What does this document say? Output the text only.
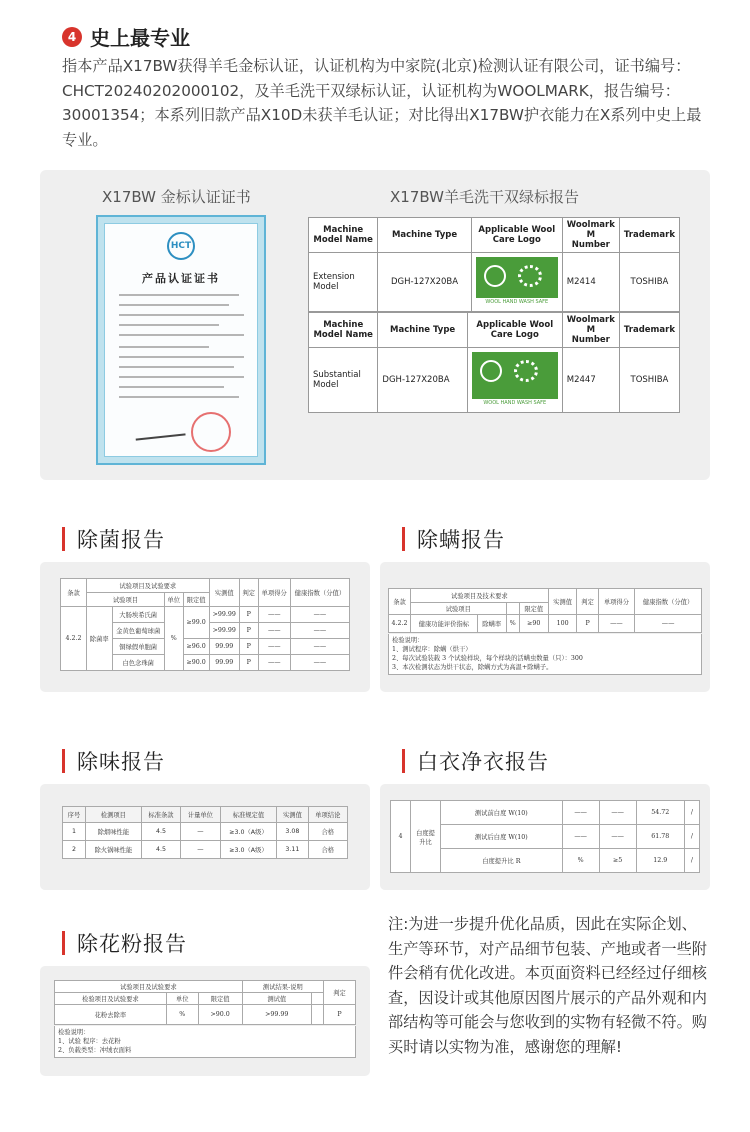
4 史上最专业
指本产品X17BW获得羊毛金标认证，认证机构为中家院(北京)检测认证有限公司，证书编号：CHCT20240202000102，及羊毛洗干双绿标认证，认证机构为WOOLMARK，报告编号：30001354；本系列旧款产品X10D未获羊毛认证；对比得出X17BW护衣能力在X系列中史上最专业。
X17BW 金标认证证书	X17BW羊毛洗干双绿标报告
HCT
产品认证证书
Machine Model Name	Machine Type	Applicable Wool Care Logo	Woolmark M Number	Trademark
Extension Model	DGH-127X20BA	WOOL HAND WASH SAFE	M2414	TOSHIBA
Machine Model Name	Machine Type	Applicable Wool Care Logo	Woolmark M Number	Trademark
Substantial Model	DGH-127X20BA	WOOL HAND WASH SAFE	M2447	TOSHIBA
除菌报告
条款	试验项目及试验要求				实测值	判定	单项得分	健康指数（分值）
	试验项目		单位	限定值				
4.2.2	除菌率	大肠埃希氏菌	%	≥99.0	>99.99	P	——	——
		金黄色葡萄球菌			>99.99	P	——	——
		铜绿假单胞菌		≥96.0	99.99	P	——	——
		白色念珠菌		≥90.0	99.99	P	——	——
除螨报告
条款	试验项目及技术要求				实测值	判定	单项得分	健康指数（分值）
	试验项目			限定值				
4.2.2	健康功能评价指标	除螨率	%	≥90	100	P	——	——
检验说明：
1、测试程序：除螨（烘干）
2、每次试验装载 3 个试验样块，每个样块的活螨虫数量（只）：300
3、本次检测状态为烘干状态，除螨方式为高温+除螨子。
除味报告
序号	检测项目	标准条款	计量单位	标准规定值	实测值	单项结论
1	除烟味性能	4.5	—	≥3.0（A级）	3.08	合格
2	除火锅味性能	4.5	—	≥3.0（A级）	3.11	合格
白衣净衣报告
4	白度提升比	测试前白度 W(10)	——	——	54.72	/
		测试后白度 W(10)	——	——	61.78	/
		白度提升比 R	%	≥5	12.9	/
除花粉报告
试验项目及试验要求			测试结果-说明		判定
检验项目及试验要求	单位	限定值	测试值		
花粉去除率	%	>90.0	>99.99		P
检验说明：
1、试验 程序：去花粉
2、负载类型：冲绒衣面料
注:为进一步提升优化品质，因此在实际企划、生产等环节，对产品细节包装、产地或者一些附件会稍有优化改进。本页面资料已经经过仔细核查，因设计或其他原因图片展示的产品外观和内部结构等可能会与您收到的实物有轻微不符。购买时请以实物为准，感谢您的理解!
